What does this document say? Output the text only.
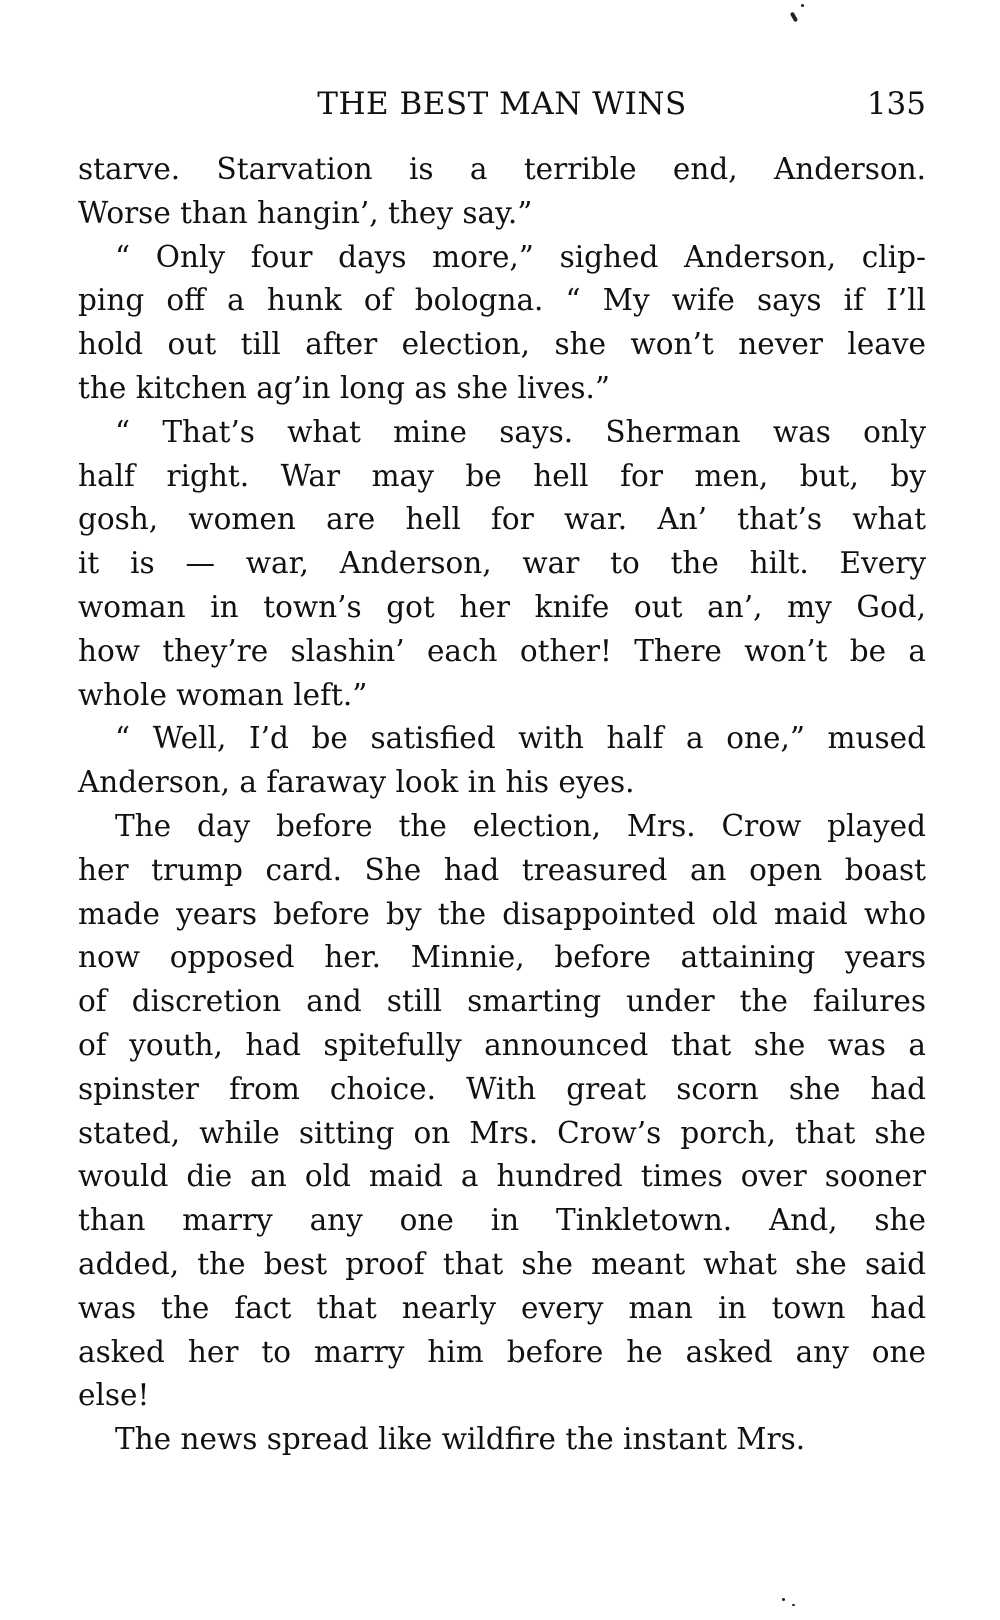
THE BEST MAN WINS	135
starve. Starvation is a terrible end, Anderson.
Worse than hangin’, they say.”
“ Only four days more,” sighed Anderson, clip-
ping off a hunk of bologna. “ My wife says if I’ll
hold out till after election, she won’t never leave
the kitchen ag’in long as she lives.”
“ That’s what mine says. Sherman was only
half right. War may be hell for men, but, by
gosh, women are hell for war. An’ that’s what
it is — war, Anderson, war to the hilt. Every
woman in town’s got her knife out an’, my God,
how they’re slashin’ each other! There won’t be a
whole woman left.”
“ Well, I’d be satisfied with half a one,” mused
Anderson, a faraway look in his eyes.
The day before the election, Mrs. Crow played
her trump card. She had treasured an open boast
made years before by the disappointed old maid who
now opposed her. Minnie, before attaining years
of discretion and still smarting under the failures
of youth, had spitefully announced that she was a
spinster from choice. With great scorn she had
stated, while sitting on Mrs. Crow’s porch, that she
would die an old maid a hundred times over sooner
than marry any one in Tinkletown. And, she
added, the best proof that she meant what she said
was the fact that nearly every man in town had
asked her to marry him before he asked any one
else!
The news spread like wildfire the instant Mrs.
